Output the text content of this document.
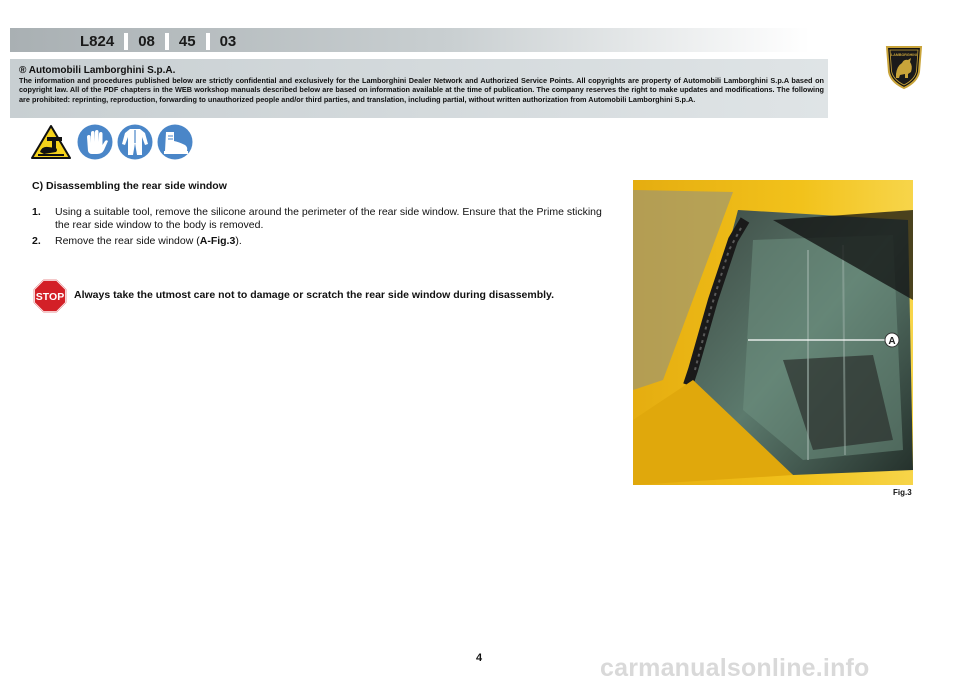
L824	08	45	03
® Automobili Lamborghini S.p.A.
The information and procedures published below are strictly confidential and exclusively for the Lamborghini Dealer Network and Authorized Service Points. All copyrights are property of Automobili Lamborghini S.p.A based on copyright law. All of the PDF chapters in the WEB workshop manuals described below are based on information available at the time of publication. The company reserves the right to make updates and modifications. The following are prohibited: reprinting, reproduction, forwarding to unauthorized people and/or third parties, and translation, including partial, without written authorization from Automobili Lamborghini S.p.A.
LAMBORGHINI
C) Disassembling the rear side window
1.	Using a suitable tool, remove the silicone around the perimeter of the rear side window. Ensure that the Prime sticking the rear side window to the body is removed.
2.	Remove the rear side window (A-Fig.3).
STOP Always take the utmost care not to damage or scratch the rear side window during disassembly.
A
Fig.3
4	carmanualsonline.info
